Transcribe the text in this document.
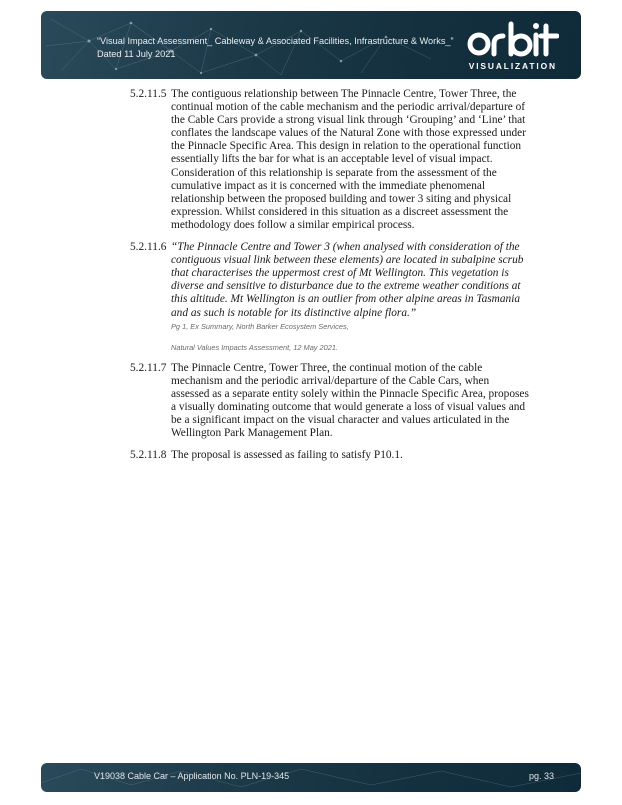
“Visual Impact Assessment_ Cableway & Associated Facilities, Infrastructure & Works_”
Dated 11 July 2021
VISUALIZATION
5.2.11.5 The contiguous relationship between The Pinnacle Centre, Tower Three, the continual motion of the cable mechanism and the periodic arrival/departure of the Cable Cars provide a strong visual link through ‘Grouping’ and ‘Line’ that conflates the landscape values of the Natural Zone with those expressed under the Pinnacle Specific Area. This design in relation to the operational function essentially lifts the bar for what is an acceptable level of visual impact. Consideration of this relationship is separate from the assessment of the cumulative impact as it is concerned with the immediate phenomenal relationship between the proposed building and tower 3 siting and physical expression. Whilst considered in this situation as a discreet assessment the methodology does follow a similar empirical process.
5.2.11.6 “The Pinnacle Centre and Tower 3 (when analysed with consideration of the contiguous visual link between these elements) are located in subalpine scrub that characterises the uppermost crest of Mt Wellington. This vegetation is diverse and sensitive to disturbance due to the extreme weather conditions at this altitude. Mt Wellington is an outlier from other alpine areas in Tasmania and as such is notable for its distinctive alpine flora.”
Pg 1, Ex Summary, North Barker Ecosystem Services,
Natural Values Impacts Assessment, 12 May 2021.
5.2.11.7 The Pinnacle Centre, Tower Three, the continual motion of the cable mechanism and the periodic arrival/departure of the Cable Cars, when assessed as a separate entity solely within the Pinnacle Specific Area, proposes a visually dominating outcome that would generate a loss of visual values and be a significant impact on the visual character and values articulated in the Wellington Park Management Plan.
5.2.11.8 The proposal is assessed as failing to satisfy P10.1.
V19038 Cable Car – Application No. PLN-19-345	pg. 33
